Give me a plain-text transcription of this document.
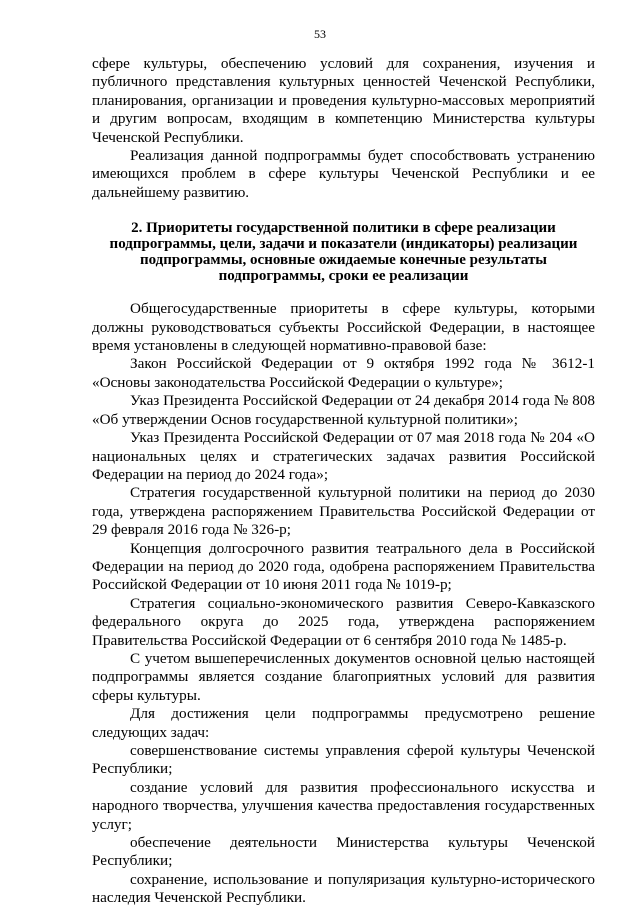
53

сфере культуры, обеспечению условий для сохранения, изучения и публичного представления культурных ценностей Чеченской Республики, планирования, организации и проведения культурно-массовых мероприятий и другим вопросам, входящим в компетенцию Министерства культуры Чеченской Республики.

Реализация данной подпрограммы будет способствовать устранению имеющихся проблем в сфере культуры Чеченской Республики и ее дальнейшему развитию.

2. Приоритеты государственной политики в сфере реализации подпрограммы, цели, задачи и показатели (индикаторы) реализации подпрограммы, основные ожидаемые конечные результаты подпрограммы, сроки ее реализации

Общегосударственные приоритеты в сфере культуры, которыми должны руководствоваться субъекты Российской Федерации, в настоящее время установлены в следующей нормативно-правовой базе:

Закон Российской Федерации от 9 октября 1992 года № 3612-1 «Основы законодательства Российской Федерации о культуре»;

Указ Президента Российской Федерации от 24 декабря 2014 года № 808 «Об утверждении Основ государственной культурной политики»;

Указ Президента Российской Федерации от 07 мая 2018 года № 204 «О национальных целях и стратегических задачах развития Российской Федерации на период до 2024 года»;

Стратегия государственной культурной политики на период до 2030 года, утверждена распоряжением Правительства Российской Федерации от 29 февраля 2016 года № 326-р;

Концепция долгосрочного развития театрального дела в Российской Федерации на период до 2020 года, одобрена распоряжением Правительства Российской Федерации от 10 июня 2011 года № 1019-р;

Стратегия социально-экономического развития Северо-Кавказского федерального округа до 2025 года, утверждена распоряжением Правительства Российской Федерации от 6 сентября 2010 года № 1485-р.

С учетом вышеперечисленных документов основной целью настоящей подпрограммы является создание благоприятных условий для развития сферы культуры.

Для достижения цели подпрограммы предусмотрено решение следующих задач:

совершенствование системы управления сферой культуры Чеченской Республики;

создание условий для развития профессионального искусства и народного творчества, улучшения качества предоставления государственных услуг;

обеспечение деятельности Министерства культуры Чеченской Республики;

сохранение, использование и популяризация культурно-исторического наследия Чеченской Республики.
